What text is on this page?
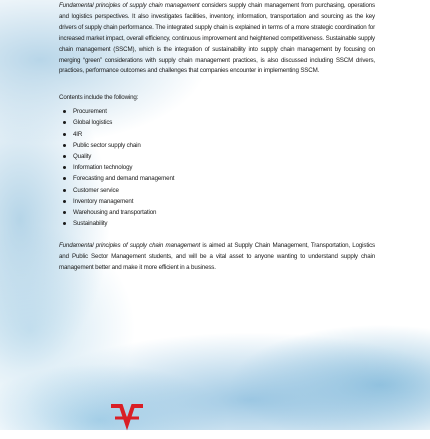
Fundamental principles of supply chain management considers supply chain management from purchasing, operations and logistics perspectives. It also investigates facilities, inventory, information, transportation and sourcing as the key drivers of supply chain performance. The integrated supply chain is explained in terms of a more strategic coordination for increased market impact, overall efficiency, continuous improvement and heightened competitiveness. Sustainable supply chain management (SSCM), which is the integration of sustainability into supply chain management by focusing on merging “green” considerations with supply chain management practices, is also discussed including SSCM drivers, practices, performance outcomes and challenges that companies encounter in implementing SSCM.

Contents include the following:
Procurement
Global logistics
4IR
Public sector supply chain
Quality
Information technology
Forecasting and demand management
Customer service
Inventory management
Warehousing and transportation
Sustainability

Fundamental principles of supply chain management is aimed at Supply Chain Management, Transportation, Logistics and Public Sector Management students, and will be a vital asset to anyone wanting to understand supply chain management better and make it more efficient in a business.
